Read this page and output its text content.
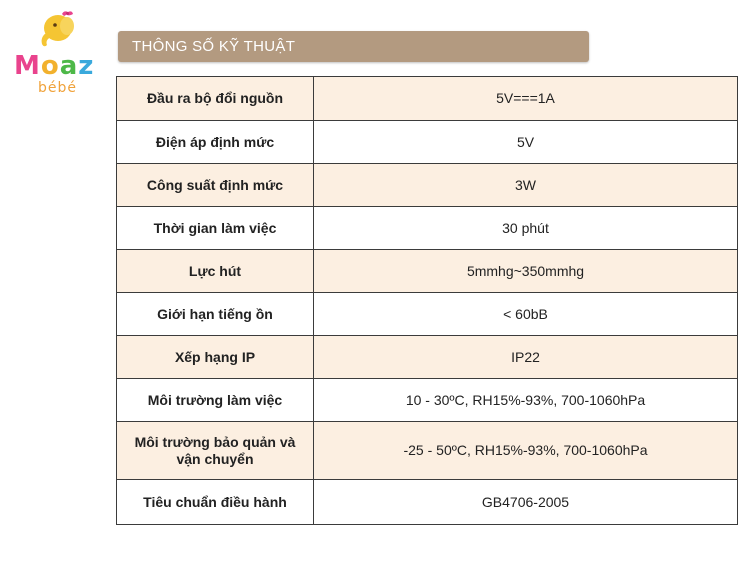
Moaz
bébé
THÔNG SỐ KỸ THUẬT
Đầu ra bộ đổi nguồn	5V===1A
Điện áp định mức	5V
Công suất định mức	3W
Thời gian làm việc	30 phút
Lực hút	5mmhg~350mmhg
Giới hạn tiếng ồn	< 60bB
Xếp hạng IP	IP22
Môi trường làm việc	10 - 30ºC, RH15%-93%, 700-1060hPa
Môi trường bảo quản và vận chuyển	-25 - 50ºC, RH15%-93%, 700-1060hPa
Tiêu chuẩn điều hành	GB4706-2005
